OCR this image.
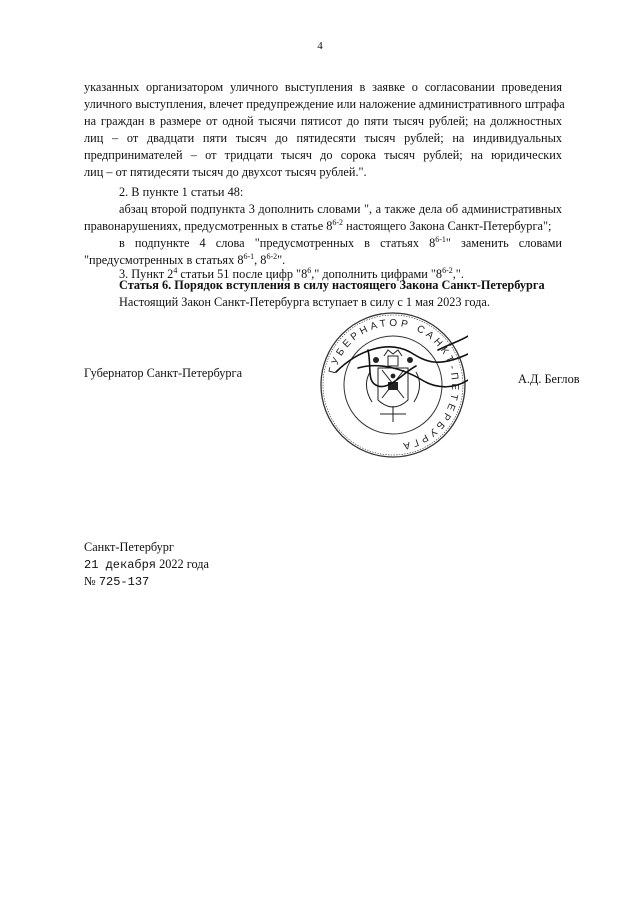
4
указанных организатором уличного выступления в заявке о согласовании проведения
уличного выступления, влечет предупреждение или наложение административного штрафа
на граждан в размере от одной тысячи пятисот до пяти тысяч рублей; на должностных
лиц – от двадцати пяти тысяч до пятидесяти тысяч рублей; на индивидуальных
предпринимателей – от тридцати тысяч до сорока тысяч рублей; на юридических
лиц – от пятидесяти тысяч до двухсот тысяч рублей.".
2. В пункте 1 статьи 48:
абзац второй подпункта 3 дополнить словами ", а также дела об административных
правонарушениях, предусмотренных в статье 8$^{6-2}$ настоящего Закона Санкт-Петербурга";
в подпункте 4 слова "предусмотренных в статьях 8$^{6-1}$" заменить словами
"предусмотренных в статьях 8$^{6-1}$, 8$^{6-2}$".
3. Пункт $2^4$ статьи 51 после цифр "$8^6$," дополнить цифрами "8$^{6-2}$,".
Статья 6. Порядок вступления в силу настоящего Закона Санкт-Петербурга
Настоящий Закон Санкт-Петербурга вступает в силу с 1 мая 2023 года.
Губернатор Санкт-Петербурга	ГУБЕРНАТОР САНКТ-ПЕТЕРБУРГА
А.Д. Беглов
Санкт-Петербург
21 декабря 2022 года
№ 725-137
